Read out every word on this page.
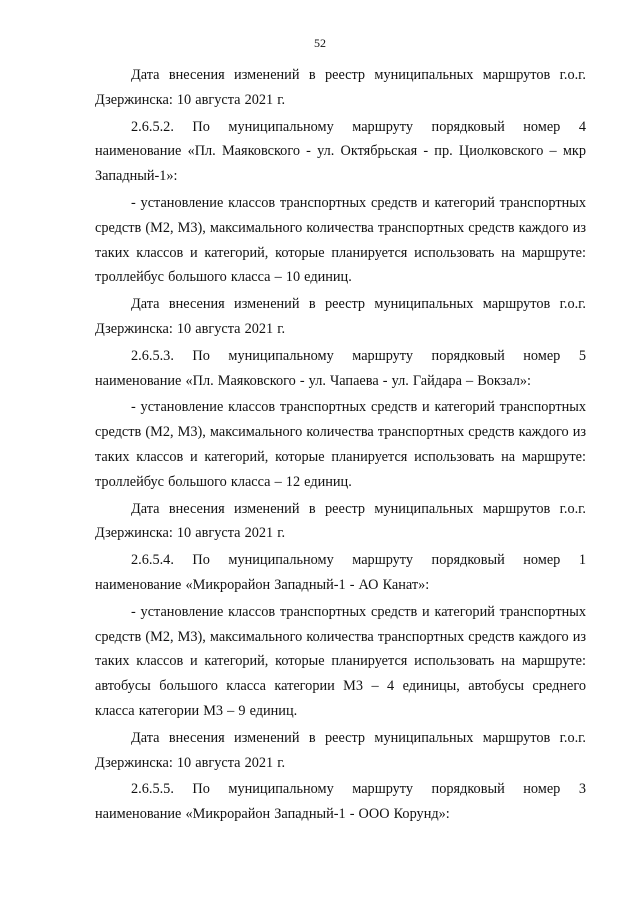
52

Дата внесения изменений в реестр муниципальных маршрутов г.о.г. Дзержинска: 10 августа 2021 г.

2.6.5.2. По муниципальному маршруту порядковый номер 4 наименование «Пл. Маяковского - ул. Октябрьская - пр. Циолковского – мкр Западный-1»:

- установление классов транспортных средств и категорий транспортных средств (М2, М3), максимального количества транспортных средств каждого из таких классов и категорий, которые планируется использовать на маршруте: троллейбус большого класса – 10 единиц.

Дата внесения изменений в реестр муниципальных маршрутов г.о.г. Дзержинска: 10 августа 2021 г.

2.6.5.3. По муниципальному маршруту порядковый номер 5 наименование «Пл. Маяковского - ул. Чапаева - ул. Гайдара – Вокзал»:

- установление классов транспортных средств и категорий транспортных средств (М2, М3), максимального количества транспортных средств каждого из таких классов и категорий, которые планируется использовать на маршруте: троллейбус большого класса – 12 единиц.

Дата внесения изменений в реестр муниципальных маршрутов г.о.г. Дзержинска: 10 августа 2021 г.

2.6.5.4. По муниципальному маршруту порядковый номер 1 наименование «Микрорайон Западный-1 - АО Канат»:

- установление классов транспортных средств и категорий транспортных средств (М2, М3), максимального количества транспортных средств каждого из таких классов и категорий, которые планируется использовать на маршруте: автобусы большого класса категории М3 – 4 единицы, автобусы среднего класса категории М3 – 9 единиц.

Дата внесения изменений в реестр муниципальных маршрутов г.о.г. Дзержинска: 10 августа 2021 г.

2.6.5.5. По муниципальному маршруту порядковый номер 3 наименование «Микрорайон Западный-1 - ООО Корунд»:
